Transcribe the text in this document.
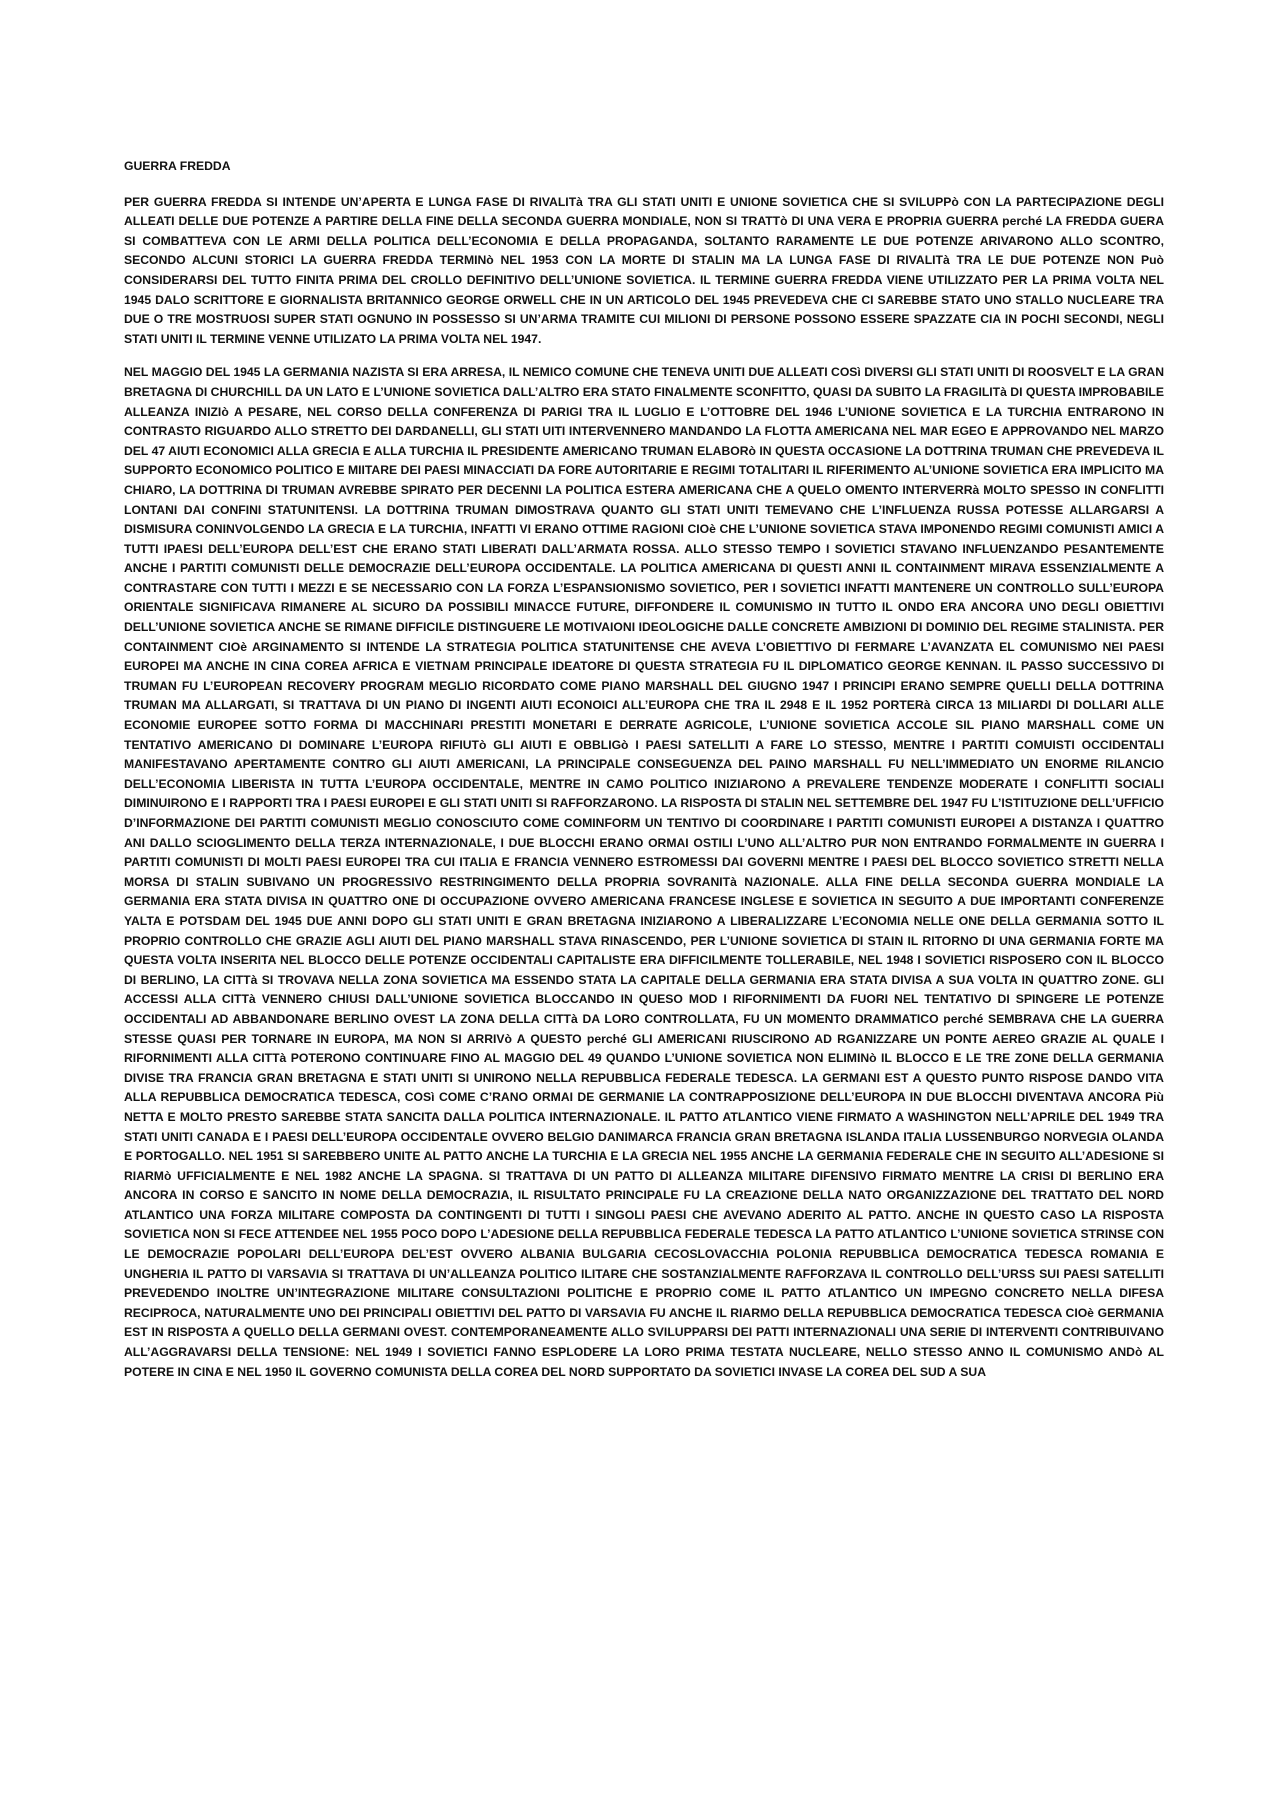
GUERRA FREDDA

PER GUERRA FREDDA SI INTENDE UN’APERTA E LUNGA FASE DI RIVALITà TRA GLI STATI UNITI E UNIONE SOVIETICA CHE SI SVILUPPò CON LA PARTECIPAZIONE DEGLI ALLEATI DELLE DUE POTENZE A PARTIRE DELLA FINE DELLA SECONDA GUERRA MONDIALE, NON SI TRATTò DI UNA VERA E PROPRIA GUERRA perché LA FREDDA GUERA SI COMBATTEVA CON LE ARMI DELLA POLITICA DELL’ECONOMIA E DELLA PROPAGANDA, SOLTANTO RARAMENTE LE DUE POTENZE ARIVARONO ALLO SCONTRO, SECONDO ALCUNI STORICI LA GUERRA FREDDA TERMINò NEL 1953 CON LA MORTE DI STALIN MA LA LUNGA FASE DI RIVALITà TRA LE DUE POTENZE NON Può CONSIDERARSI DEL TUTTO FINITA PRIMA DEL CROLLO DEFINITIVO DELL’UNIONE SOVIETICA. IL TERMINE GUERRA FREDDA VIENE UTILIZZATO PER LA PRIMA VOLTA NEL 1945 DALO SCRITTORE E GIORNALISTA BRITANNICO GEORGE ORWELL CHE IN UN ARTICOLO DEL 1945 PREVEDEVA CHE CI SAREBBE STATO UNO STALLO NUCLEARE TRA DUE O TRE MOSTRUOSI SUPER STATI OGNUNO IN POSSESSO SI UN’ARMA TRAMITE CUI MILIONI DI PERSONE POSSONO ESSERE SPAZZATE CIA IN POCHI SECONDI, NEGLI STATI UNITI IL TERMINE VENNE UTILIZATO LA PRIMA VOLTA NEL 1947.

NEL MAGGIO DEL 1945 LA GERMANIA NAZISTA SI ERA ARRESA, IL NEMICO COMUNE CHE TENEVA UNITI DUE ALLEATI COSì DIVERSI GLI STATI UNITI DI ROOSVELT E LA GRAN BRETAGNA DI CHURCHILL DA UN LATO E L’UNIONE SOVIETICA DALL’ALTRO ERA STATO FINALMENTE SCONFITTO, QUASI DA SUBITO LA FRAGILITà DI QUESTA IMPROBABILE ALLEANZA INIZIò A PESARE, NEL CORSO DELLA CONFERENZA DI PARIGI TRA IL LUGLIO E L’OTTOBRE DEL 1946 L’UNIONE SOVIETICA E LA TURCHIA ENTRARONO IN CONTRASTO RIGUARDO ALLO STRETTO DEI DARDANELLI, GLI STATI UITI INTERVENNERO MANDANDO LA FLOTTA AMERICANA NEL MAR EGEO E APPROVANDO NEL MARZO DEL 47 AIUTI ECONOMICI ALLA GRECIA E ALLA TURCHIA IL PRESIDENTE AMERICANO TRUMAN ELABORò IN QUESTA OCCASIONE LA DOTTRINA TRUMAN CHE PREVEDEVA IL SUPPORTO ECONOMICO POLITICO E MIITARE DEI PAESI MINACCIATI DA FORE AUTORITARIE E REGIMI TOTALITARI IL RIFERIMENTO AL’UNIONE SOVIETICA ERA IMPLICITO MA CHIARO, LA DOTTRINA DI TRUMAN AVREBBE SPIRATO PER DECENNI LA POLITICA ESTERA AMERICANA CHE A QUELO OMENTO INTERVERRà MOLTO SPESSO IN CONFLITTI LONTANI DAI CONFINI STATUNITENSI. LA DOTTRINA TRUMAN DIMOSTRAVA QUANTO GLI STATI UNITI TEMEVANO CHE L’INFLUENZA RUSSA POTESSE ALLARGARSI A DISMISURA CONINVOLGENDO LA GRECIA E LA TURCHIA, INFATTI VI ERANO OTTIME RAGIONI CIOè CHE L’UNIONE SOVIETICA STAVA IMPONENDO REGIMI COMUNISTI AMICI A TUTTI IPAESI DELL’EUROPA DELL’EST CHE ERANO STATI LIBERATI DALL’ARMATA ROSSA. ALLO STESSO TEMPO I SOVIETICI STAVANO INFLUENZANDO PESANTEMENTE ANCHE I PARTITI COMUNISTI DELLE DEMOCRAZIE DELL’EUROPA OCCIDENTALE. LA POLITICA AMERICANA DI QUESTI ANNI IL CONTAINMENT MIRAVA ESSENZIALMENTE A CONTRASTARE CON TUTTI I MEZZI E SE NECESSARIO CON LA FORZA L’ESPANSIONISMO SOVIETICO, PER I SOVIETICI INFATTI MANTENERE UN CONTROLLO SULL’EUROPA ORIENTALE SIGNIFICAVA RIMANERE AL SICURO DA POSSIBILI MINACCE FUTURE, DIFFONDERE IL COMUNISMO IN TUTTO IL ONDO ERA ANCORA UNO DEGLI OBIETTIVI DELL’UNIONE SOVIETICA ANCHE SE RIMANE DIFFICILE DISTINGUERE LE MOTIVAIONI IDEOLOGICHE DALLE CONCRETE AMBIZIONI DI DOMINIO DEL REGIME STALINISTA. PER CONTAINMENT CIOè ARGINAMENTO SI INTENDE LA STRATEGIA POLITICA STATUNITENSE CHE AVEVA L’OBIETTIVO DI FERMARE L’AVANZATA EL COMUNISMO NEI PAESI EUROPEI MA ANCHE IN CINA COREA AFRICA E VIETNAM PRINCIPALE IDEATORE DI QUESTA STRATEGIA FU IL DIPLOMATICO GEORGE KENNAN. IL PASSO SUCCESSIVO DI TRUMAN FU L’EUROPEAN RECOVERY PROGRAM MEGLIO RICORDATO COME PIANO MARSHALL DEL GIUGNO 1947 I PRINCIPI ERANO SEMPRE QUELLI DELLA DOTTRINA TRUMAN MA ALLARGATI, SI TRATTAVA DI UN PIANO DI INGENTI AIUTI ECONOICI ALL’EUROPA CHE TRA IL 2948 E IL 1952 PORTERà CIRCA 13 MILIARDI DI DOLLARI ALLE ECONOMIE EUROPEE SOTTO FORMA DI MACCHINARI PRESTITI MONETARI E DERRATE AGRICOLE, L’UNIONE SOVIETICA ACCOLE SIL PIANO MARSHALL COME UN TENTATIVO AMERICANO DI DOMINARE L’EUROPA RIFIUTò GLI AIUTI E OBBLIGò I PAESI SATELLITI A FARE LO STESSO, MENTRE I PARTITI COMUISTI OCCIDENTALI MANIFESTAVANO APERTAMENTE CONTRO GLI AIUTI AMERICANI, LA PRINCIPALE CONSEGUENZA DEL PAINO MARSHALL FU NELL’IMMEDIATO UN ENORME RILANCIO DELL’ECONOMIA LIBERISTA IN TUTTA L’EUROPA OCCIDENTALE, MENTRE IN CAMO POLITICO INIZIARONO A PREVALERE TENDENZE MODERATE I CONFLITTI SOCIALI DIMINUIRONO E I RAPPORTI TRA I PAESI EUROPEI E GLI STATI UNITI SI RAFFORZARONO. LA RISPOSTA DI STALIN NEL SETTEMBRE DEL 1947 FU L’ISTITUZIONE DELL’UFFICIO D’INFORMAZIONE DEI PARTITI COMUNISTI MEGLIO CONOSCIUTO COME COMINFORM UN TENTIVO DI COORDINARE I PARTITI COMUNISTI EUROPEI A DISTANZA I QUATTRO ANI DALLO SCIOGLIMENTO DELLA TERZA INTERNAZIONALE, I DUE BLOCCHI ERANO ORMAI OSTILI L’UNO ALL’ALTRO PUR NON ENTRANDO FORMALMENTE IN GUERRA I PARTITI COMUNISTI DI MOLTI PAESI EUROPEI TRA CUI ITALIA E FRANCIA VENNERO ESTROMESSI DAI GOVERNI MENTRE I PAESI DEL BLOCCO SOVIETICO STRETTI NELLA MORSA DI STALIN SUBIVANO UN PROGRESSIVO RESTRINGIMENTO DELLA PROPRIA SOVRANITà NAZIONALE. ALLA FINE DELLA SECONDA GUERRA MONDIALE LA GERMANIA ERA STATA DIVISA IN QUATTRO ONE DI OCCUPAZIONE OVVERO AMERICANA FRANCESE INGLESE E SOVIETICA IN SEGUITO A DUE IMPORTANTI CONFERENZE YALTA E POTSDAM DEL 1945 DUE ANNI DOPO GLI STATI UNITI E GRAN BRETAGNA INIZIARONO A LIBERALIZZARE L’ECONOMIA NELLE ONE DELLA GERMANIA SOTTO IL PROPRIO CONTROLLO CHE GRAZIE AGLI AIUTI DEL PIANO MARSHALL STAVA RINASCENDO, PER L’UNIONE SOVIETICA DI STAIN IL RITORNO DI UNA GERMANIA FORTE MA QUESTA VOLTA INSERITA NEL BLOCCO DELLE POTENZE OCCIDENTALI CAPITALISTE ERA DIFFICILMENTE TOLLERABILE, NEL 1948 I SOVIETICI RISPOSERO CON IL BLOCCO DI BERLINO, LA CITTà SI TROVAVA NELLA ZONA SOVIETICA MA ESSENDO STATA LA CAPITALE DELLA GERMANIA ERA STATA DIVISA A SUA VOLTA IN QUATTRO ZONE. GLI ACCESSI ALLA CITTà VENNERO CHIUSI DALL’UNIONE SOVIETICA BLOCCANDO IN QUESO MOD I RIFORNIMENTI DA FUORI NEL TENTATIVO DI SPINGERE LE POTENZE OCCIDENTALI AD ABBANDONARE BERLINO OVEST LA ZONA DELLA CITTà DA LORO CONTROLLATA, FU UN MOMENTO DRAMMATICO perché SEMBRAVA CHE LA GUERRA STESSE QUASI PER TORNARE IN EUROPA, MA NON SI ARRIVò A QUESTO perché GLI AMERICANI RIUSCIRONO AD RGANIZZARE UN PONTE AEREO GRAZIE AL QUALE I RIFORNIMENTI ALLA CITTà POTERONO CONTINUARE FINO AL MAGGIO DEL 49 QUANDO L’UNIONE SOVIETICA NON ELIMINò IL BLOCCO E LE TRE ZONE DELLA GERMANIA DIVISE TRA FRANCIA GRAN BRETAGNA E STATI UNITI SI UNIRONO NELLA REPUBBLICA FEDERALE TEDESCA. LA GERMANI EST A QUESTO PUNTO RISPOSE DANDO VITA ALLA REPUBBLICA DEMOCRATICA TEDESCA, COSì COME C’RANO ORMAI DE GERMANIE LA CONTRAPPOSIZIONE DELL’EUROPA IN DUE BLOCCHI DIVENTAVA ANCORA Più NETTA E MOLTO PRESTO SAREBBE STATA SANCITA DALLA POLITICA INTERNAZIONALE. IL PATTO ATLANTICO VIENE FIRMATO A WASHINGTON NELL’APRILE DEL 1949 TRA STATI UNITI CANADA E I PAESI DELL’EUROPA OCCIDENTALE OVVERO BELGIO DANIMARCA FRANCIA GRAN BRETAGNA ISLANDA ITALIA LUSSENBURGO NORVEGIA OLANDA E PORTOGALLO. NEL 1951 SI SAREBBERO UNITE AL PATTO ANCHE LA TURCHIA E LA GRECIA NEL 1955 ANCHE LA GERMANIA FEDERALE CHE IN SEGUITO ALL’ADESIONE SI RIARMò UFFICIALMENTE E NEL 1982 ANCHE LA SPAGNA. SI TRATTAVA DI UN PATTO DI ALLEANZA MILITARE DIFENSIVO FIRMATO MENTRE LA CRISI DI BERLINO ERA ANCORA IN CORSO E SANCITO IN NOME DELLA DEMOCRAZIA, IL RISULTATO PRINCIPALE FU LA CREAZIONE DELLA NATO ORGANIZZAZIONE DEL TRATTATO DEL NORD ATLANTICO UNA FORZA MILITARE COMPOSTA DA CONTINGENTI DI TUTTI I SINGOLI PAESI CHE AVEVANO ADERITO AL PATTO. ANCHE IN QUESTO CASO LA RISPOSTA SOVIETICA NON SI FECE ATTENDEE NEL 1955 POCO DOPO L’ADESIONE DELLA REPUBBLICA FEDERALE TEDESCA LA PATTO ATLANTICO L’UNIONE SOVIETICA STRINSE CON LE DEMOCRAZIE POPOLARI DELL’EUROPA DEL’EST OVVERO ALBANIA BULGARIA CECOSLOVACCHIA POLONIA REPUBBLICA DEMOCRATICA TEDESCA ROMANIA E UNGHERIA IL PATTO DI VARSAVIA SI TRATTAVA DI UN’ALLEANZA POLITICO ILITARE CHE SOSTANZIALMENTE RAFFORZAVA IL CONTROLLO DELL’URSS SUI PAESI SATELLITI PREVEDENDO INOLTRE UN’INTEGRAZIONE MILITARE CONSULTAZIONI POLITICHE E PROPRIO COME IL PATTO ATLANTICO UN IMPEGNO CONCRETO NELLA DIFESA RECIPROCA, NATURALMENTE UNO DEI PRINCIPALI OBIETTIVI DEL PATTO DI VARSAVIA FU ANCHE IL RIARMO DELLA REPUBBLICA DEMOCRATICA TEDESCA CIOè GERMANIA EST IN RISPOSTA A QUELLO DELLA GERMANI OVEST. CONTEMPORANEAMENTE ALLO SVILUPPARSI DEI PATTI INTERNAZIONALI UNA SERIE DI INTERVENTI CONTRIBUIVANO ALL’AGGRAVARSI DELLA TENSIONE: NEL 1949 I SOVIETICI FANNO ESPLODERE LA LORO PRIMA TESTATA NUCLEARE, NELLO STESSO ANNO IL COMUNISMO ANDò AL POTERE IN CINA E NEL 1950 IL GOVERNO COMUNISTA DELLA COREA DEL NORD SUPPORTATO DA SOVIETICI INVASE LA COREA DEL SUD A SUA
